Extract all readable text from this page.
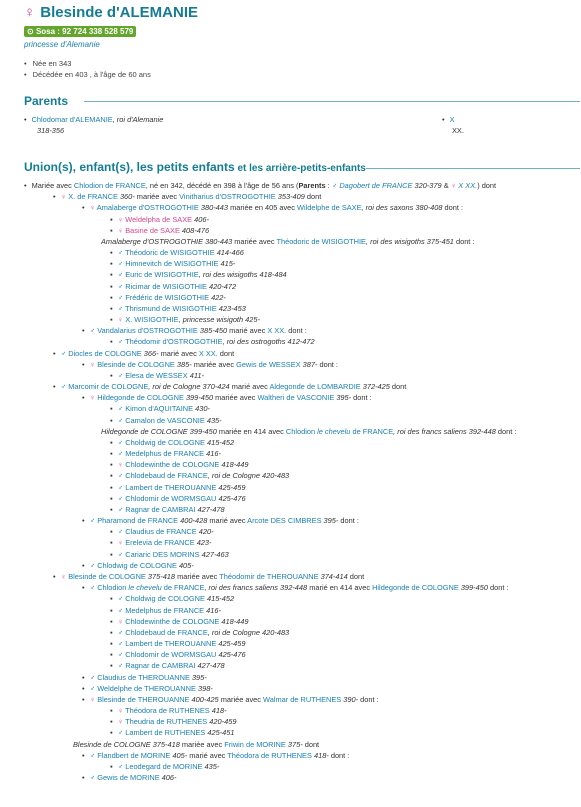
♀ Blesinde d'ALEMANIE
⊙ Sosa : 92 724 338 528 579
princesse d'Alemanie
• Née en 343
• Décédée en 403 , à l'âge de 60 ans
Parents
• Chlodomar d'ALEMANIE, roi d'Alemanie
318-356
• X
XX.
Union(s), enfant(s), les petits enfants et les arrière-petits-enfants
• Mariée avec Chlodion de FRANCE, né en 342, décédé en 398 à l'âge de 56 ans (Parents : ♂ Dagobert de FRANCE 320-379 & ♀ X XX.) dont
• ♀ X. de FRANCE 360- mariée avec Vinitharius d'OSTROGOTHIE 353-409 dont
• ♀ Amalaberge d'OSTROGOTHIE 380-443 mariée en 405 avec Wildelphe de SAXE, roi des saxons 380-408 dont :
▪ ♀ Weldelpha de SAXE 406-
▪ ♀ Basine de SAXE 408-476
Amalaberge d'OSTROGOTHIE 380-443 mariée avec Théodoric de WISIGOTHIE, roi des wisigoths 375-451 dont :
▪ ♂ Théodoric de WISIGOTHIE 414-466
▪ ♂ Himnevitch de WISIGOTHIE 415-
▪ ♂ Euric de WISIGOTHIE, roi des wisigoths 418-484
▪ ♂ Ricimar de WISIGOTHIE 420-472
▪ ♂ Frédéric de WISIGOTHIE 422-
▪ ♂ Thrismund de WISIGOTHIE 423-453
▪ ♀ X. WISIGOTHIE, princesse wisigoth 425-
• ♂ Vandalarius d'OSTROGOTHIE 385-450 marié avec X XX. dont :
▪ ♂ Théodomir d'OSTROGOTHIE, roi des ostrogoths 412-472
• ♂ Diocles de COLOGNE 366- marié avec X XX. dont
• ♀ Blesinde de COLOGNE 385- mariée avec Gewis de WESSEX 387- dont :
▪ ♂ Elesa de WESSEX 411-
• ♂ Marcomir de COLOGNE, roi de Cologne 370-424 marié avec Aldegonde de LOMBARDIE 372-425 dont
• ♀ Hildegonde de COLOGNE 399-450 mariée avec Waltheri de VASCONIE 395- dont :
▪ ♂ Kimon d'AQUITAINE 430-
▪ ♂ Camalon de VASCONIE 435-
Hildegonde de COLOGNE 399-450 mariée en 414 avec Chlodion le chevelu de FRANCE, roi des francs saliens 392-448 dont :
▪ ♂ Choldwig de COLOGNE 415-452
▪ ♂ Medelphus de FRANCE 416-
▪ ♀ Chlodewinthe de COLOGNE 418-449
▪ ♂ Chlodebaud de FRANCE, roi de Cologne 420-483
▪ ♂ Lambert de THEROUANNE 425-459
▪ ♂ Chlodomir de WORMSGAU 425-476
▪ ♂ Ragnar de CAMBRAI 427-478
• ♂ Pharamond de FRANCE 400-428 marié avec Arcote DES CIMBRES 395- dont :
▪ ♂ Claudius de FRANCE 420-
▪ ♀ Erelevia de FRANCE 423-
▪ ♂ Cariaric DES MORINS 427-463
• ♂ Chlodwig de COLOGNE 405-
• ♀ Blesinde de COLOGNE 375-418 mariée avec Théodomir de THEROUANNE 374-414 dont
• ♂ Chlodion le chevelu de FRANCE, roi des francs saliens 392-448 marié en 414 avec Hildegonde de COLOGNE 399-450 dont :
▪ ♂ Choldwig de COLOGNE 415-452
▪ ♂ Medelphus de FRANCE 416-
▪ ♀ Chlodewinthe de COLOGNE 418-449
▪ ♂ Chlodebaud de FRANCE, roi de Cologne 420-483
▪ ♂ Lambert de THEROUANNE 425-459
▪ ♂ Chlodomir de WORMSGAU 425-476
▪ ♂ Ragnar de CAMBRAI 427-478
• ♂ Claudius de THEROUANNE 395-
• ♂ Weldelphe de THEROUANNE 398-
• ♀ Blesinde de THEROUANNE 400-425 mariée avec Walmar de RUTHENES 390- dont :
▪ ♀ Théodora de RUTHENES 418-
▪ ♀ Theudria de RUTHENES 420-459
▪ ♂ Lambert de RUTHENES 425-451
Blesinde de COLOGNE 375-418 mariée avec Friwin de MORINE 375- dont
• ♂ Flandbert de MORINE 405- marié avec Théodora de RUTHENES 418- dont :
▪ ♂ Leodegard de MORINE 435-
• ♂ Gewis de MORINE 406-
